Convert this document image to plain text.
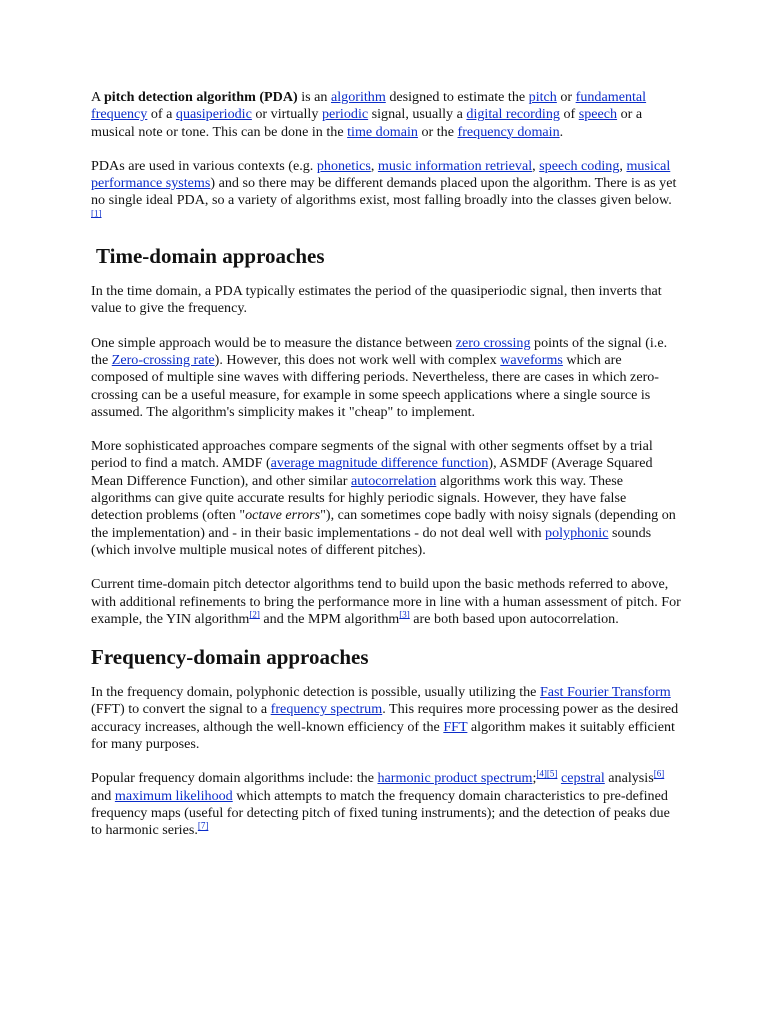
A pitch detection algorithm (PDA) is an algorithm designed to estimate the pitch or fundamental frequency of a quasiperiodic or virtually periodic signal, usually a digital recording of speech or a musical note or tone. This can be done in the time domain or the frequency domain.

PDAs are used in various contexts (e.g. phonetics, music information retrieval, speech coding, musical performance systems) and so there may be different demands placed upon the algorithm. There is as yet no single ideal PDA, so a variety of algorithms exist, most falling broadly into the classes given below.[1]

Time-domain approaches

In the time domain, a PDA typically estimates the period of the quasiperiodic signal, then inverts that value to give the frequency.

One simple approach would be to measure the distance between zero crossing points of the signal (i.e. the Zero-crossing rate). However, this does not work well with complex waveforms which are composed of multiple sine waves with differing periods. Nevertheless, there are cases in which zero-crossing can be a useful measure, for example in some speech applications where a single source is assumed. The algorithm's simplicity makes it "cheap" to implement.

More sophisticated approaches compare segments of the signal with other segments offset by a trial period to find a match. AMDF (average magnitude difference function), ASMDF (Average Squared Mean Difference Function), and other similar autocorrelation algorithms work this way. These algorithms can give quite accurate results for highly periodic signals. However, they have false detection problems (often "octave errors"), can sometimes cope badly with noisy signals (depending on the implementation) and - in their basic implementations - do not deal well with polyphonic sounds (which involve multiple musical notes of different pitches).

Current time-domain pitch detector algorithms tend to build upon the basic methods referred to above, with additional refinements to bring the performance more in line with a human assessment of pitch. For example, the YIN algorithm[2] and the MPM algorithm[3] are both based upon autocorrelation.

Frequency-domain approaches

In the frequency domain, polyphonic detection is possible, usually utilizing the Fast Fourier Transform (FFT) to convert the signal to a frequency spectrum. This requires more processing power as the desired accuracy increases, although the well-known efficiency of the FFT algorithm makes it suitably efficient for many purposes.

Popular frequency domain algorithms include: the harmonic product spectrum;[4][5] cepstral analysis[6] and maximum likelihood which attempts to match the frequency domain characteristics to pre-defined frequency maps (useful for detecting pitch of fixed tuning instruments); and the detection of peaks due to harmonic series.[7]
